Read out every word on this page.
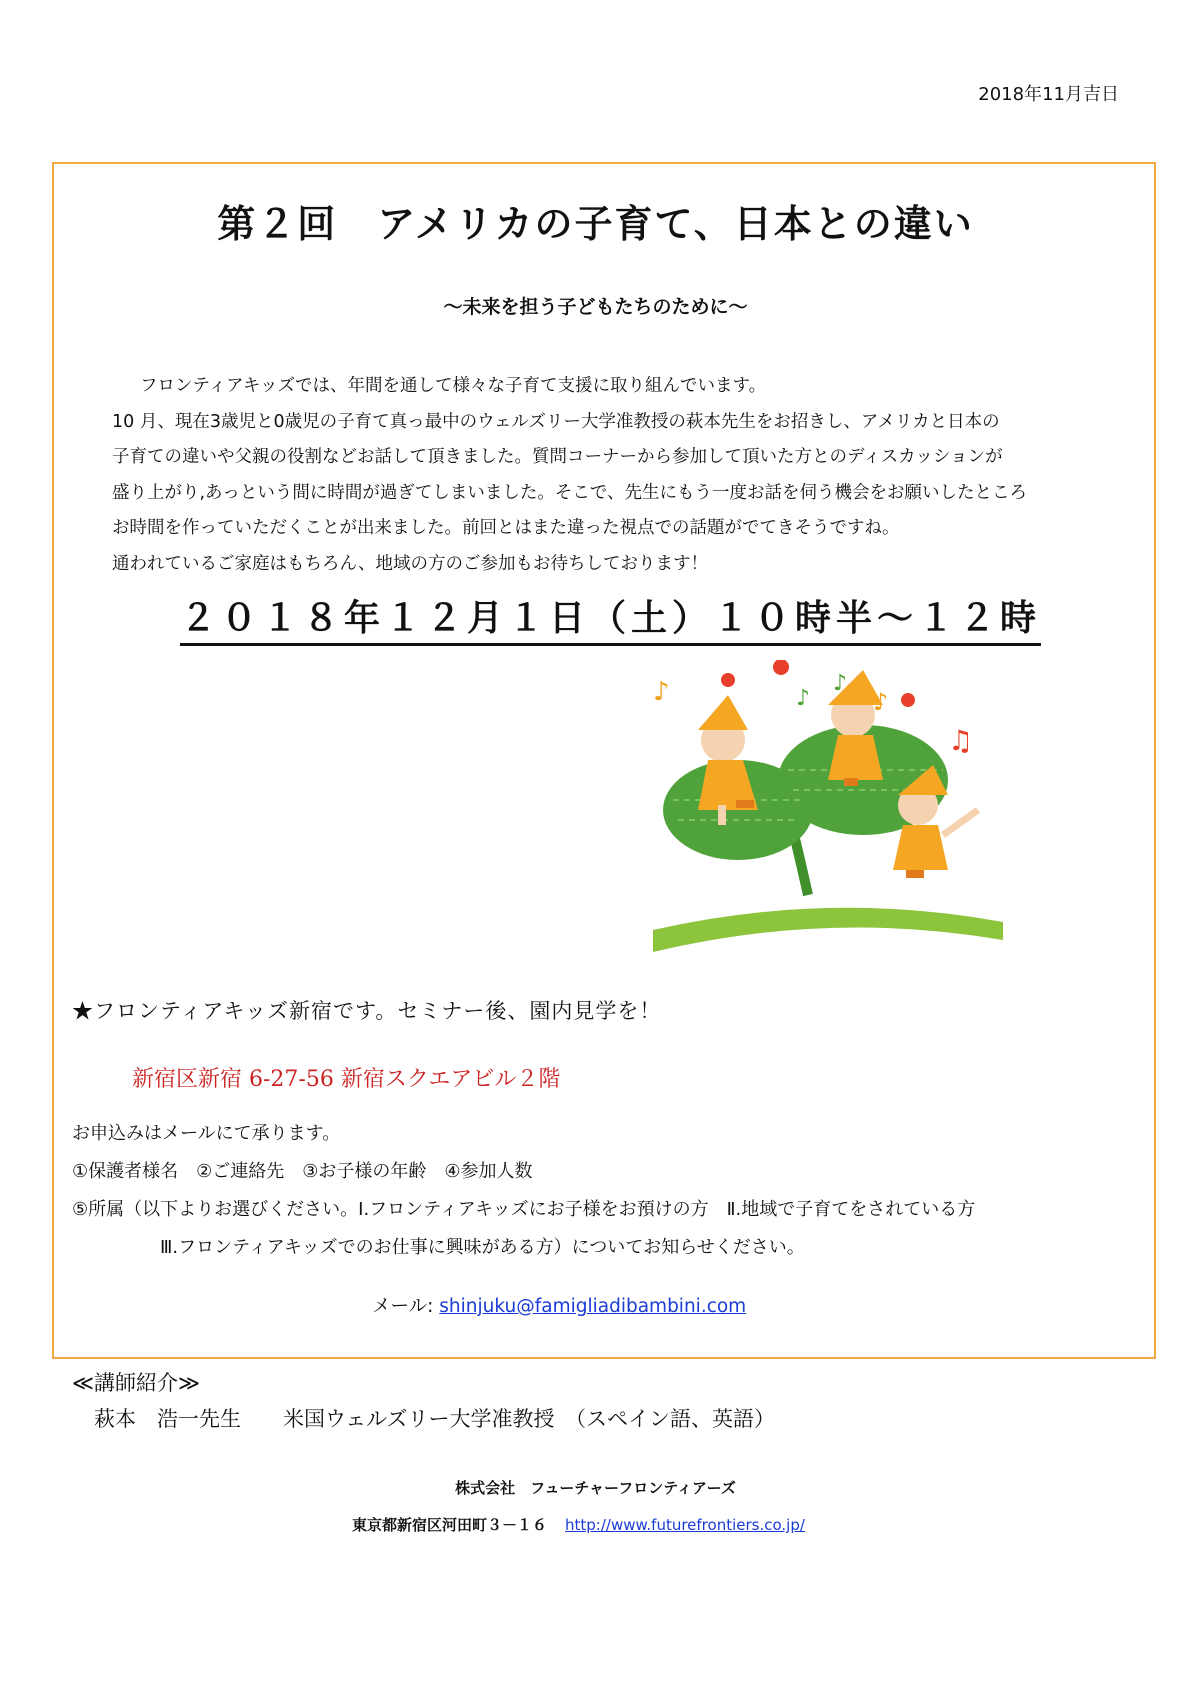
2018年11月吉日
第２回　アメリカの子育て、日本との違い
～未来を担う子どもたちのために～

フロンティアキッズでは、年間を通して様々な子育て支援に取り組んでいます。

10 月、現在3歳児と0歳児の子育て真っ最中のウェルズリー大学准教授の萩本先生をお招きし、アメリカと日本の

子育ての違いや父親の役割などお話して頂きました。質問コーナーから参加して頂いた方とのディスカッションが

盛り上がり,あっという間に時間が過ぎてしまいました。そこで、先生にもう一度お話を伺う機会をお願いしたところ

お時間を作っていただくことが出来ました。前回とはまた違った視点での話題がでてきそうですね。

通われているご家庭はもちろん、地域の方のご参加もお待ちしております！

２０１８年１２月１日（土）１０時半～１２時
♪	♪
♪
♪
♫
★フロンティアキッズ新宿です。セミナー後、園内見学を！
新宿区新宿 6-27-56 新宿スクエアビル２階

お申込みはメールにて承ります。

①保護者様名　②ご連絡先　③お子様の年齢　④参加人数

⑤所属（以下よりお選びください。Ⅰ.フロンティアキッズにお子様をお預けの方　Ⅱ.地域で子育てをされている方

Ⅲ.フロンティアキッズでのお仕事に興味がある方）についてお知らせください。

メール: shinjuku@famigliadibambini.com

≪講師紹介≫

萩本　浩一先生　　米国ウェルズリー大学准教授　（スペイン語、英語）

株式会社　フューチャーフロンティアーズ
東京都新宿区河田町３－１６ http://www.futurefrontiers.co.jp/
